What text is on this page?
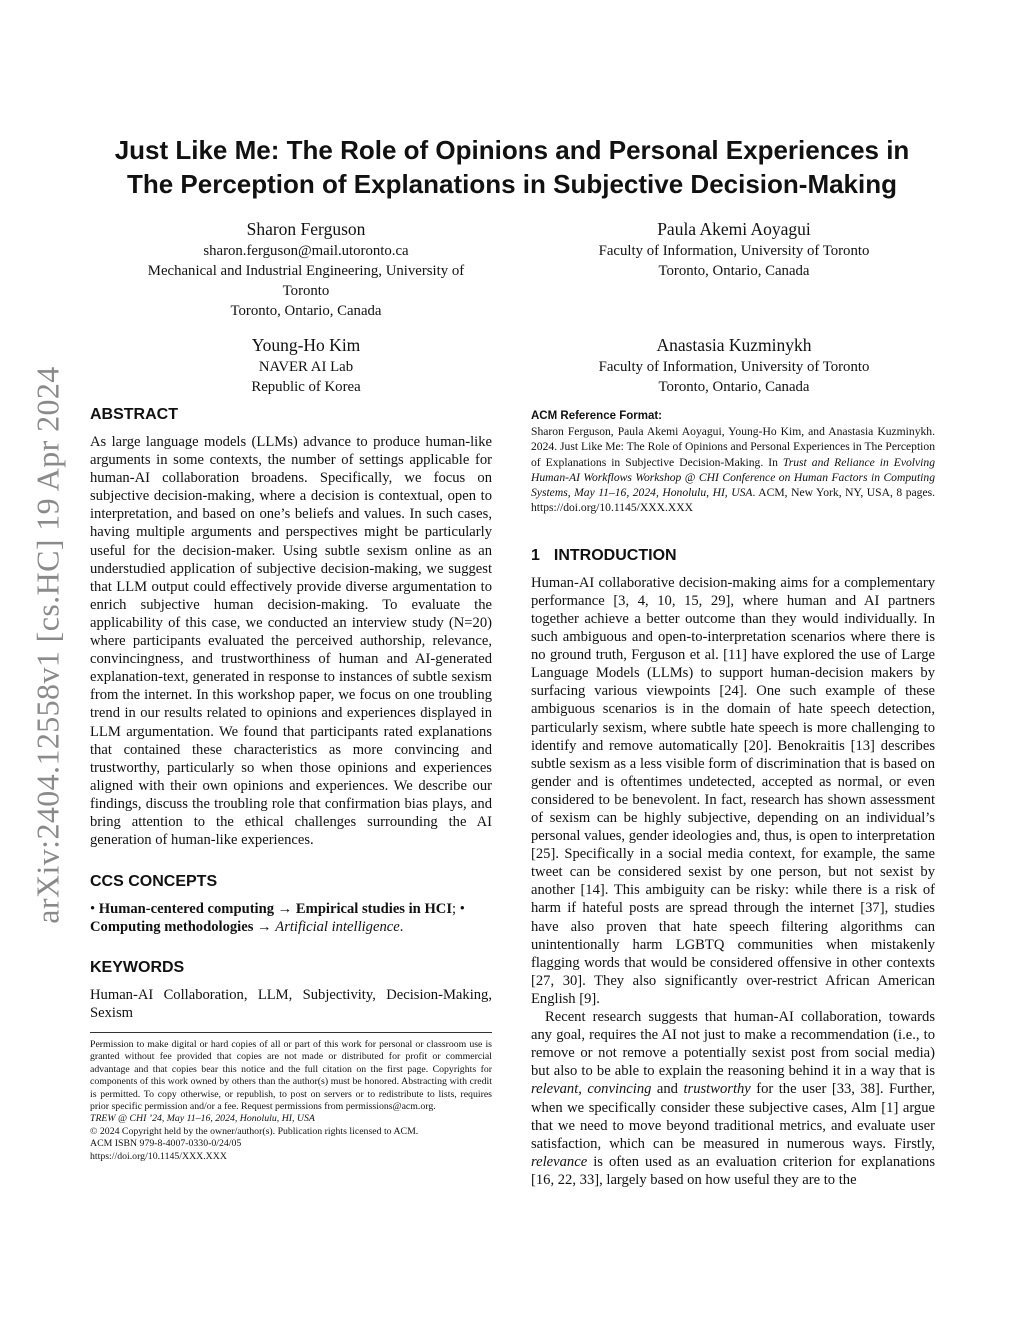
arXiv:2404.12558v1 [cs.HC] 19 Apr 2024
Just Like Me: The Role of Opinions and Personal Experiences in
The Perception of Explanations in Subjective Decision-Making
Sharon Ferguson
sharon.ferguson@mail.utoronto.ca
Mechanical and Industrial Engineering, University of
Toronto
Toronto, Ontario, Canada
Paula Akemi Aoyagui
Faculty of Information, University of Toronto
Toronto, Ontario, Canada
Young-Ho Kim
NAVER AI Lab
Republic of Korea
Anastasia Kuzminykh
Faculty of Information, University of Toronto
Toronto, Ontario, Canada
ABSTRACT

As large language models (LLMs) advance to produce human-like arguments in some contexts, the number of settings applicable for human-AI collaboration broadens. Specifically, we focus on subjective decision-making, where a decision is contextual, open to interpretation, and based on one’s beliefs and values. In such cases, having multiple arguments and perspectives might be particularly useful for the decision-maker. Using subtle sexism online as an understudied application of subjective decision-making, we suggest that LLM output could effectively provide diverse argumentation to enrich subjective human decision-making. To evaluate the applicability of this case, we conducted an interview study (N=20) where participants evaluated the perceived authorship, relevance, convincingness, and trustworthiness of human and AI-generated explanation-text, generated in response to instances of subtle sexism from the internet. In this workshop paper, we focus on one troubling trend in our results related to opinions and experiences displayed in LLM argumentation. We found that participants rated explanations that contained these characteristics as more convincing and trustworthy, particularly so when those opinions and experiences aligned with their own opinions and experiences. We describe our findings, discuss the troubling role that confirmation bias plays, and bring attention to the ethical challenges surrounding the AI generation of human-like experiences.

CCS CONCEPTS

• Human-centered computing → Empirical studies in HCI; • Computing methodologies → Artificial intelligence.

KEYWORDS

Human-AI Collaboration, LLM, Subjectivity, Decision-Making, Sexism

Permission to make digital or hard copies of all or part of this work for personal or classroom use is granted without fee provided that copies are not made or distributed for profit or commercial advantage and that copies bear this notice and the full citation on the first page. Copyrights for components of this work owned by others than the author(s) must be honored. Abstracting with credit is permitted. To copy otherwise, or republish, to post on servers or to redistribute to lists, requires prior specific permission and/or a fee. Request permissions from permissions@acm.org.

TREW @ CHI ’24, May 11–16, 2024, Honolulu, HI, USA

© 2024 Copyright held by the owner/author(s). Publication rights licensed to ACM.

ACM ISBN 979-8-4007-0330-0/24/05

https://doi.org/10.1145/XXX.XXX

ACM Reference Format:

Sharon Ferguson, Paula Akemi Aoyagui, Young-Ho Kim, and Anastasia Kuzminykh. 2024. Just Like Me: The Role of Opinions and Personal Experiences in The Perception of Explanations in Subjective Decision-Making. In Trust and Reliance in Evolving Human-AI Workflows Workshop @ CHI Conference on Human Factors in Computing Systems, May 11–16, 2024, Honolulu, HI, USA. ACM, New York, NY, USA, 8 pages. https://doi.org/10.1145/XXX.XXX

1 INTRODUCTION

Human-AI collaborative decision-making aims for a complementary performance [3, 4, 10, 15, 29], where human and AI partners together achieve a better outcome than they would individually. In such ambiguous and open-to-interpretation scenarios where there is no ground truth, Ferguson et al. [11] have explored the use of Large Language Models (LLMs) to support human-decision makers by surfacing various viewpoints [24]. One such example of these ambiguous scenarios is in the domain of hate speech detection, particularly sexism, where subtle hate speech is more challenging to identify and remove automatically [20]. Benokraitis [13] describes subtle sexism as a less visible form of discrimination that is based on gender and is oftentimes undetected, accepted as normal, or even considered to be benevolent. In fact, research has shown assessment of sexism can be highly subjective, depending on an individual’s personal values, gender ideologies and, thus, is open to interpretation [25]. Specifically in a social media context, for example, the same tweet can be considered sexist by one person, but not sexist by another [14]. This ambiguity can be risky: while there is a risk of harm if hateful posts are spread through the internet [37], studies have also proven that hate speech filtering algorithms can unintentionally harm LGBTQ communities when mistakenly flagging words that would be considered offensive in other contexts [27, 30]. They also significantly over-restrict African American English [9].

Recent research suggests that human-AI collaboration, towards any goal, requires the AI not just to make a recommendation (i.e., to remove or not remove a potentially sexist post from social media) but also to be able to explain the reasoning behind it in a way that is relevant, convincing and trustworthy for the user [33, 38]. Further, when we specifically consider these subjective cases, Alm [1] argue that we need to move beyond traditional metrics, and evaluate user satisfaction, which can be measured in numerous ways. Firstly, relevance is often used as an evaluation criterion for explanations [16, 22, 33], largely based on how useful they are to the
